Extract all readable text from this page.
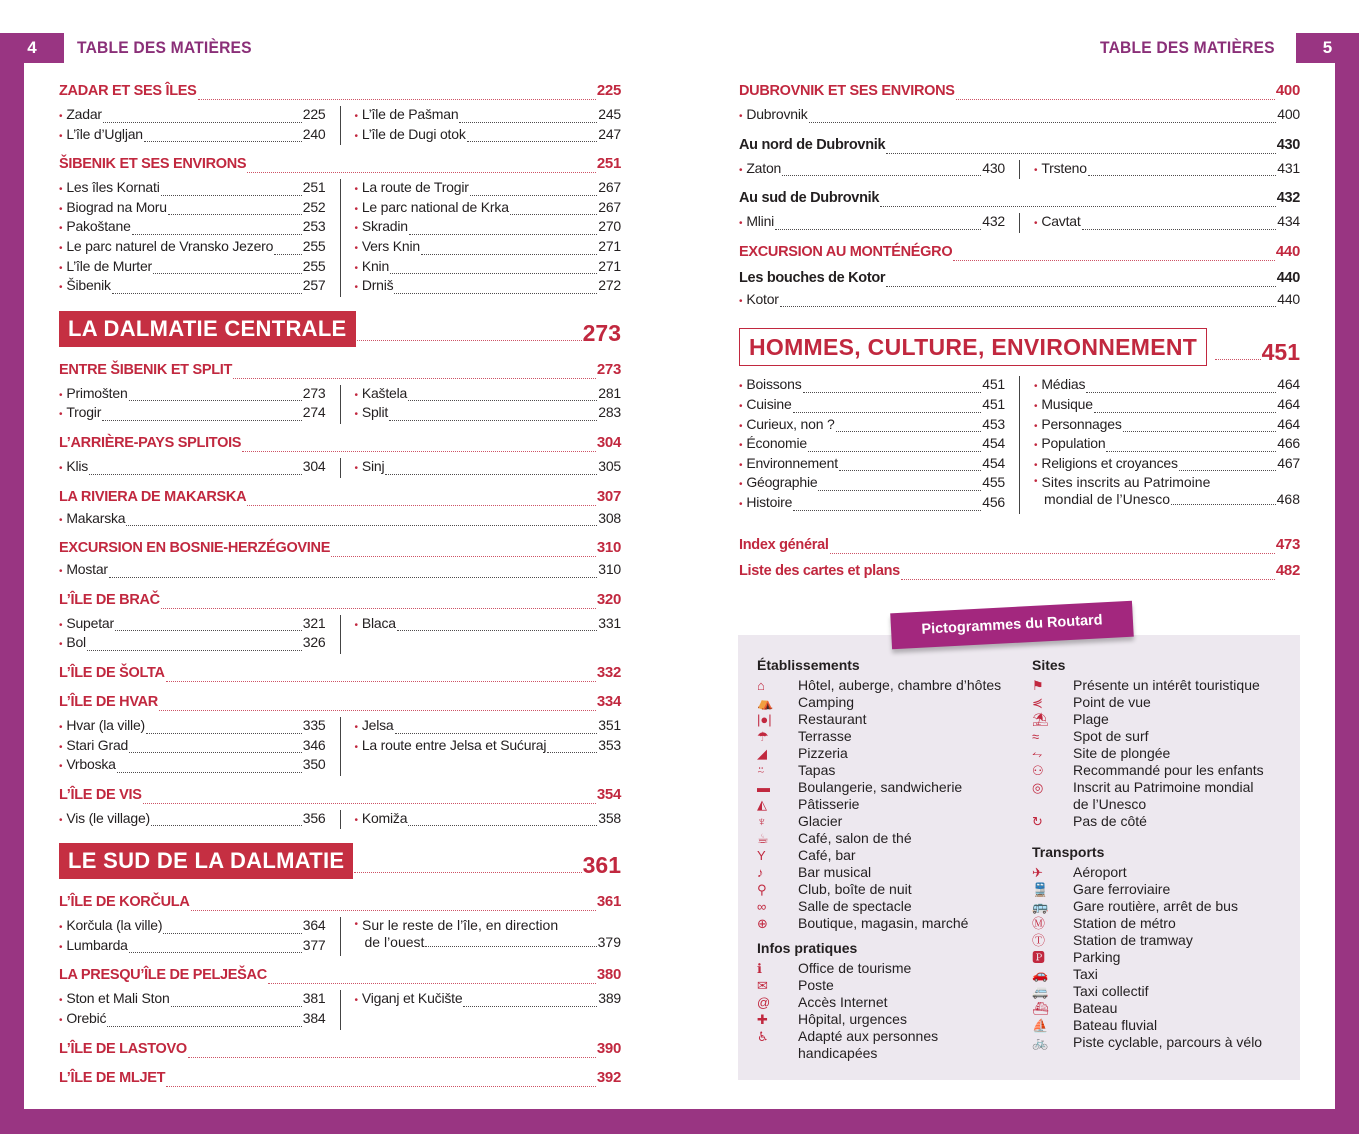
4	TABLE DES MATIÈRES	TABLE DES MATIÈRES	5
ZADAR ET SES ÎLES	225
• Zadar	225
• L’île d’Ugljan	240
• L’île de Pašman	245
• L’île de Dugi otok	247
ŠIBENIK ET SES ENVIRONS	251
• Les îles Kornati	251
• Biograd na Moru	252
• Pakoštane	253
• Le parc naturel de Vransko Jezero 255
• L’île de Murter	255
• Šibenik	257
• La route de Trogir	267
• Le parc national de Krka	267
• Skradin	270
• Vers Knin	271
• Knin	271
• Drniš	272
LA DALMATIE CENTRALE	273
ENTRE ŠIBENIK ET SPLIT	273
• Primošten	273
• Trogir	274
• Kaštela	281
• Split	283
L’ARRIÈRE-PAYS SPLITOIS	304
• Klis	304	• Sinj	305
LA RIVIERA DE MAKARSKA	307
• Makarska	308
EXCURSION EN BOSNIE-HERZÉGOVINE	310
• Mostar	310
L’ÎLE DE BRAČ	320
• Supetar	321
• Bol	326
• Blaca	331
L’ÎLE DE ŠOLTA	332
L’ÎLE DE HVAR	334
• Hvar (la ville)	335
• Stari Grad	346
• Vrboska	350
• Jelsa	351
• La route entre Jelsa et Sućuraj	353
L’ÎLE DE VIS	354
• Vis (le village)	356	• Komiža	358
LE SUD DE LA DALMATIE	361
L’ÎLE DE KORČULA	361
• Korčula (la ville)	364
• Lumbarda	377
• Sur le reste de l’île, en direction
de l’ouest	379
LA PRESQU’ÎLE DE PELJEŠAC	380
• Ston et Mali Ston	381
• Orebić	384
• Viganj et Kučište	389
L’ÎLE DE LASTOVO	390
L’ÎLE DE MLJET	392
DUBROVNIK ET SES ENVIRONS	400
• Dubrovnik	400
Au nord de Dubrovnik	430
• Zaton	430	• Trsteno	431
Au sud de Dubrovnik	432
• Mlini	432	• Cavtat	434
EXCURSION AU MONTÉNÉGRO	440
Les bouches de Kotor	440
• Kotor	440
HOMMES, CULTURE, ENVIRONNEMENT	451
• Boissons	451
• Cuisine	451
• Curieux, non ?	453
• Économie	454
• Environnement	454
• Géographie	455
• Histoire	456
• Médias	464
• Musique	464
• Personnages	464
• Population	466
• Religions et croyances	467
• Sites inscrits au Patrimoine
mondial de l’Unesco	468
Index général	473
Liste des cartes et plans	482
Pictogrammes du Routard
Établissements
⌂	Hôtel, auberge, chambre d’hôtes
⛺	Camping
|●|	Restaurant
☂	Terrasse
◢	Pizzeria
⍨	Tapas
▬	Boulangerie, sandwicherie
◭	Pâtisserie
♆	Glacier
☕	Café, salon de thé
Y	Café, bar
♪	Bar musical
⚲	Club, boîte de nuit
∞	Salle de spectacle
⊕	Boutique, magasin, marché
Infos pratiques
ℹ	Office de tourisme
✉	Poste
@	Accès Internet
✚	Hôpital, urgences
♿	Adapté aux personnes
handicapées
Sites
⚑	Présente un intérêt touristique
⋞	Point de vue
⛱	Plage
≈	Spot de surf
⥊	Site de plongée
⚇	Recommandé pour les enfants
◎	Inscrit au Patrimoine mondial
de l’Unesco
↻	Pas de côté
Transports
✈	Aéroport
🚆	Gare ferroviaire
🚌	Gare routière, arrêt de bus
Ⓜ	Station de métro
Ⓣ	Station de tramway
🅿	Parking
🚗	Taxi
🚐	Taxi collectif
⛴	Bateau
⛵	Bateau fluvial
🚲	Piste cyclable, parcours à vélo
